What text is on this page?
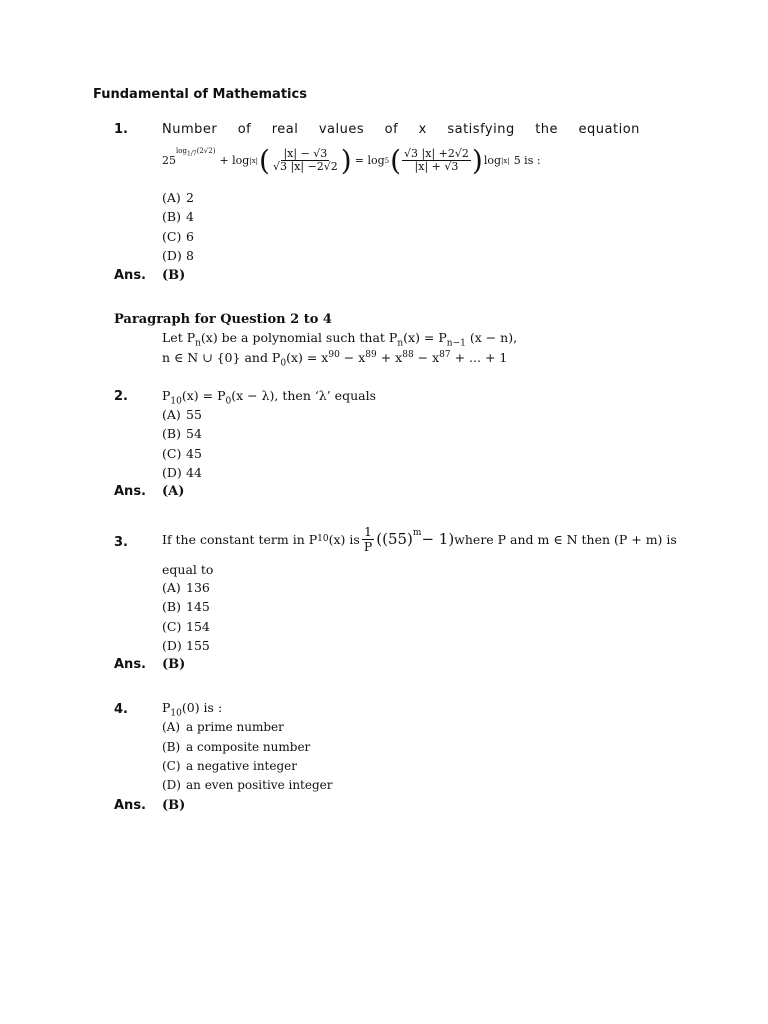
Fundamental of Mathematics
1.	Number of real values of x satisfying the equation
25
$^{log_{1/7}(2√2)}$
+ log |x| ( $\frac{|x| - √3}{√3 |x| -2√2}$ ) = log 5 ( $\frac{√3 |x| +2√2}{|x| + √3}$ ) log |x| 5 is :
(A) 2
(B) 4
(C) 6
(D) 8
Ans. (B)
Paragraph for Question 2 to 4
Let $P_n(x)$ be a polynomial such that $P_n(x) = P_{n-1}$ (x − n),
n ∈ N ∪ {0} and $P_0(x) = x^{90} - x^{89} + x^{88} - x^{87}$ + ... + 1
2.	$P_{10}(x) = P_0(x - \lambda)$, then ‘λ’ equals
(A) 55
(B) 54
(C) 45
(D) 44
Ans. (A)
3.	If the constant term in P 10 (x) is $\frac{1}{P} ((55)^m - 1)$ where P and m ∈ N then (P + m) is
equal to
(A) 136
(B) 145
(C) 154
(D) 155
Ans. (B)
4.	$P_{10}(0)$ is :
(A) a prime number
(B) a composite number
(C) a negative integer
(D) an even positive integer
Ans. (B)
